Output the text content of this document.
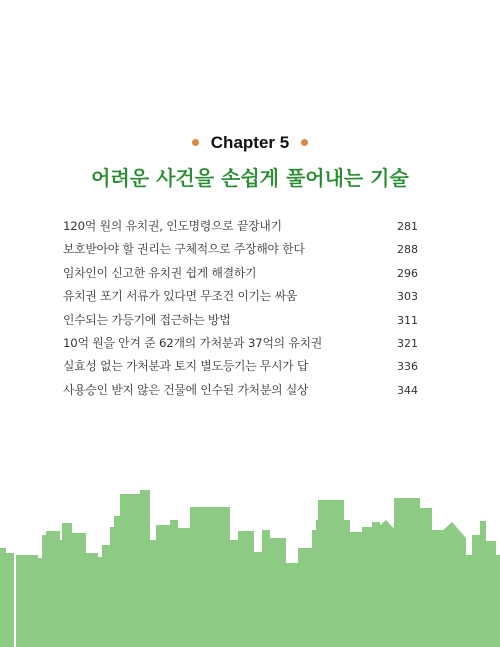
Chapter 5
어려운 사건을 손쉽게 풀어내는 기술
120억 원의 유치권, 인도명령으로 끝장내기	281
보호받아야 할 권리는 구체적으로 주장해야 한다	288
임차인이 신고한 유치권 쉽게 해결하기	296
유치권 포기 서류가 있다면 무조건 이기는 싸움	303
인수되는 가등기에 접근하는 방법	311
10억 원을 안겨 준 62개의 가처분과 37억의 유치권	321
실효성 없는 가처분과 토지 별도등기는 무시가 답	336
사용승인 받지 않은 건물에 인수된 가처분의 실상	344
